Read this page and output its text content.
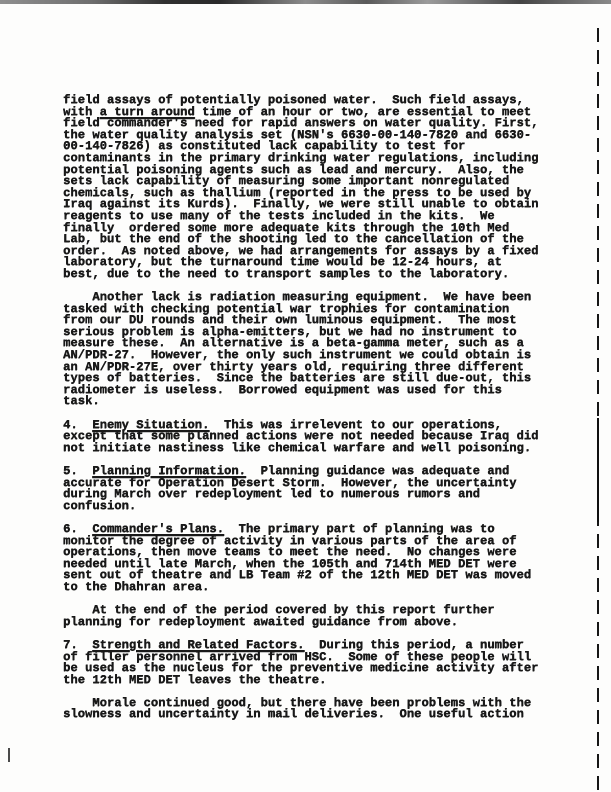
field assays of potentially poisoned water.  Such field assays,
with a turn around time of an hour or two, are essential to meet
field commander's need for rapid answers on water quality. First,
the water quality analysis set (NSN's 6630-00-140-7820 and 6630-
00-140-7826) as constituted lack capability to test for
contaminants in the primary drinking water regulations, including
potential poisoning agents such as lead and mercury.  Also, the
sets lack capability of measuring some important nonregulated
chemicals, such as thallium (reported in the press to be used by
Iraq against its Kurds).  Finally, we were still unable to obtain
reagents to use many of the tests included in the kits.  We
finally  ordered some more adequate kits through the 10th Med
Lab, but the end of the shooting led to the cancellation of the
order.  As noted above, we had arrangements for assays by a fixed
laboratory, but the turnaround time would be 12-24 hours, at
best, due to the need to transport samples to the laboratory.
Another lack is radiation measuring equipment.  We have been
tasked with checking potential war trophies for contamination
from our DU rounds and their own luminous equipment.  The most
serious problem is alpha-emitters, but we had no instrument to
measure these.  An alternative is a beta-gamma meter, such as a
AN/PDR-27.  However, the only such instrument we could obtain is
an AN/PDR-27E, over thirty years old, requiring three different
types of batteries.  Since the batteries are still due-out, this
radiometer is useless.  Borrowed equipment was used for this
task.
4.  Enemy Situation.  This was irrelevent to our operations,
except that some planned actions were not needed because Iraq did
not initiate nastiness like chemical warfare and well poisoning.
5.  Planning Information.  Planning guidance was adequate and
accurate for Operation Desert Storm.  However, the uncertainty
during March over redeployment led to numerous rumors and
confusion.
6.  Commander's Plans.  The primary part of planning was to
monitor the degree of activity in various parts of the area of
operations, then move teams to meet the need.  No changes were
needed until late March, when the 105th and 714th MED DET were
sent out of theatre and LB Team #2 of the 12th MED DET was moved
to the Dhahran area.
At the end of the period covered by this report further
planning for redeployment awaited guidance from above.
7.  Strength and Related Factors.  During this period, a number
of filler personnel arrived from HSC.  Some of these people will
be used as the nucleus for the preventive medicine activity after
the 12th MED DET leaves the theatre.
Morale continued good, but there have been problems with the
slowness and uncertainty in mail deliveries.  One useful action
